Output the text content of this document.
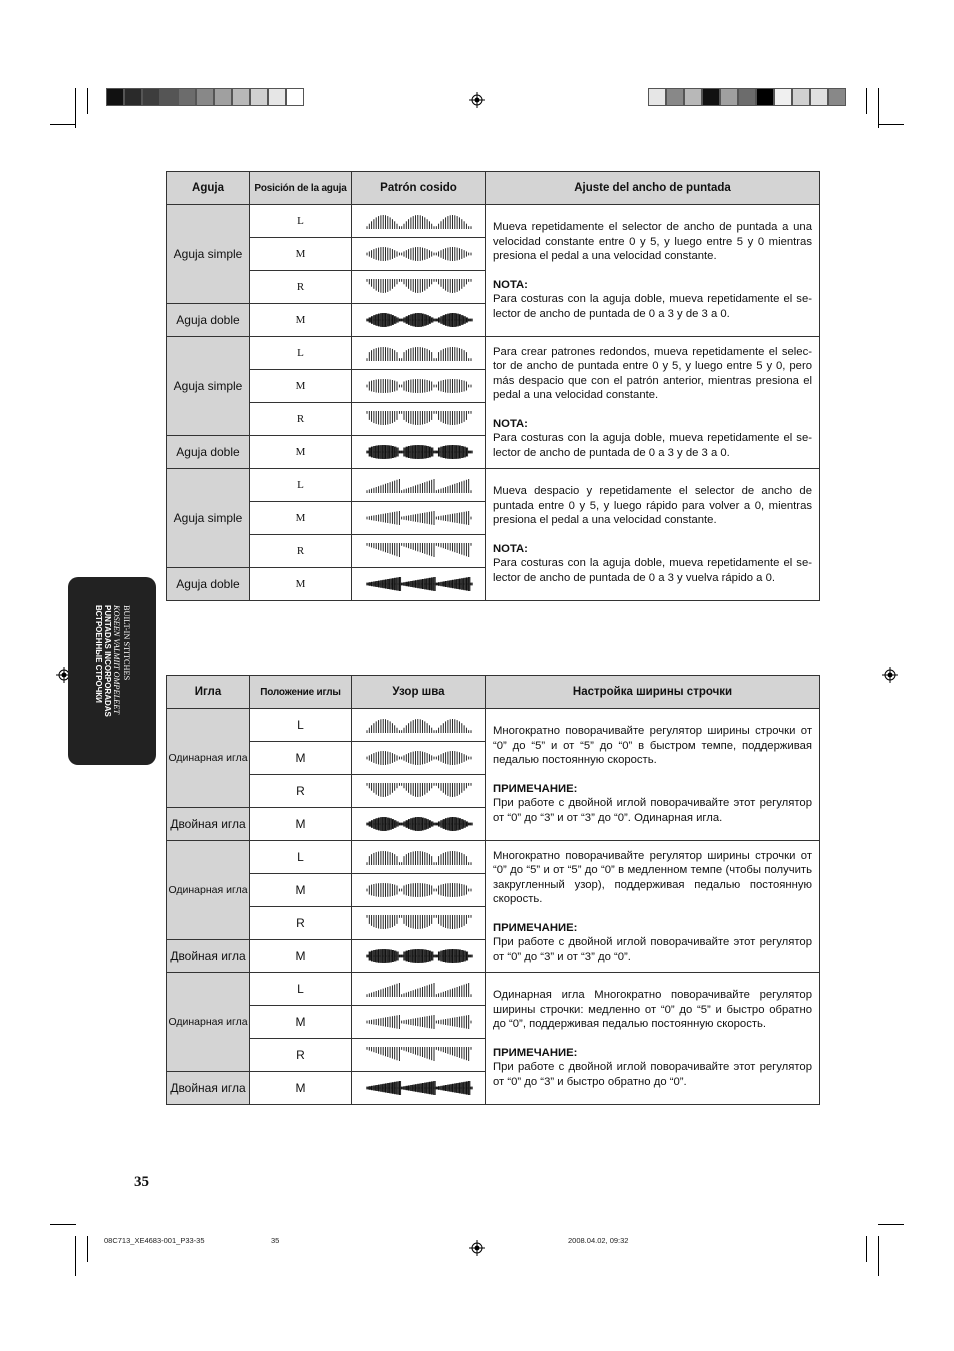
BUILT-IN STITCHES
KOSEEN VALMIIT OMPELEET
PUNTADAS INCORPORADAS
ВСТРОЕННЫЕ СТРОЧКИ
Aguja	Posición de la aguja	Patrón cosido	Ajuste del ancho de puntada
Aguja simple	L		Mueva repetidamente el selector de ancho de puntada a una velocidad constante entre 0 y 5, y luego entre 5 y 0 mientras presiona el pedal a una velocidad constante.

NOTA:

Para costuras con la aguja doble, mueva repetidamente el se-lector de ancho de puntada de 0 a 3 y de 3 a 0.

	M	

	R	

Aguja doble	M	

Aguja simple	L		Para crear patrones redondos, mueva repetidamente el selec-tor de ancho de puntada entre 0 y 5, y luego entre 5 y 0, pero más despacio que con el patrón anterior, mientras presiona el pedal a una velocidad constante.

NOTA:

Para costuras con la aguja doble, mueva repetidamente el se-lector de ancho de puntada de 0 a 3 y de 3 a 0.

	M	

	R	

Aguja doble	M	

Aguja simple	L		Mueva despacio y repetidamente el selector de ancho de puntada entre 0 y 5, y luego rápido para volver a 0, mientras presiona el pedal a una velocidad constante.

NOTA:

Para costuras con la aguja doble, mueva repetidamente el se-lector de ancho de puntada de 0 a 3 y vuelva rápido a 0.

	M	

	R	

Aguja doble	M	
Игла	Положение иглы	Узор шва	Настройка ширины строчки
Одинарная игла	L		Многократно поворачивайте регулятор ширины строчки от “0” до “5” и от “5” до “0” в быстром темпе, поддерживая педалью постоянную скорость.

ПРИМЕЧАНИЕ:

При работе с двойной иглой поворачивайте этот регулятор от “0” до “3” и от “3” до “0”. Одинарная игла.

	M	

	R	

Двойная игла	M	

Одинарная игла	L		Многократно поворачивайте регулятор ширины строчки от “0” до “5” и от “5” до “0” в медленном темпе (чтобы получить закругленный узор), поддерживая педалью постоянную скорость.

ПРИМЕЧАНИЕ:

При работе с двойной иглой поворачивайте этот регулятор от “0” до “3” и от “3” до “0”.

	M	

	R	

Двойная игла	M	

Одинарная игла	L		Одинарная игла Многократно поворачивайте регулятор ширины строчки: медленно от “0” до “5” и быстро обратно до “0”, поддерживая педалью постоянную скорость.

ПРИМЕЧАНИЕ:

При работе с двойной иглой поворачивайте этот регулятор от “0” до “3” и быстро обратно до “0”.

	M	

	R	

Двойная игла	M	
35
08C713_XE4683-001_P33-35	35	2008.04.02, 09:32
